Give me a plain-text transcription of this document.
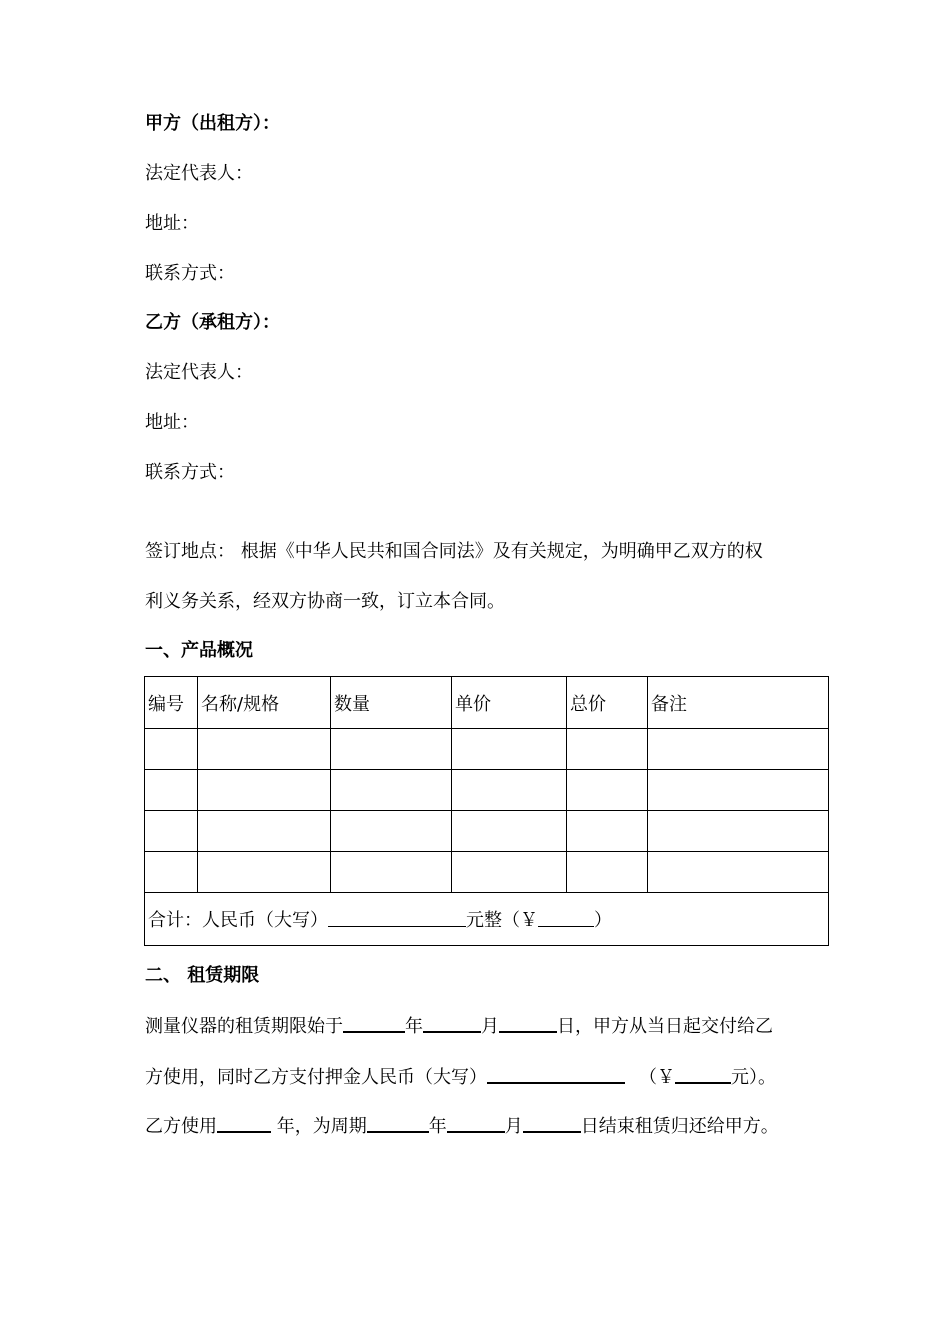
甲方（出租方）：
法定代表人：
地址：
联系方式：
乙方（承租方）：
法定代表人：
地址：
联系方式：
签订地点： 根据《中华人民共和国合同法》及有关规定，为明确甲乙双方的权
利义务关系，经双方协商一致，订立本合同。
一、产品概况
编号	名称/规格	数量	单价	总价	备注

合计：人民币（大写） 元整（￥ ）					
二、 租赁期限
测量仪器的租赁期限始于	年	月	日，甲方从当日起交付给乙
方使用，同时乙方支付押金人民币（大写）	（￥	元）。
乙方使用	年，为周期	年	月	日结束租赁归还给甲方。
